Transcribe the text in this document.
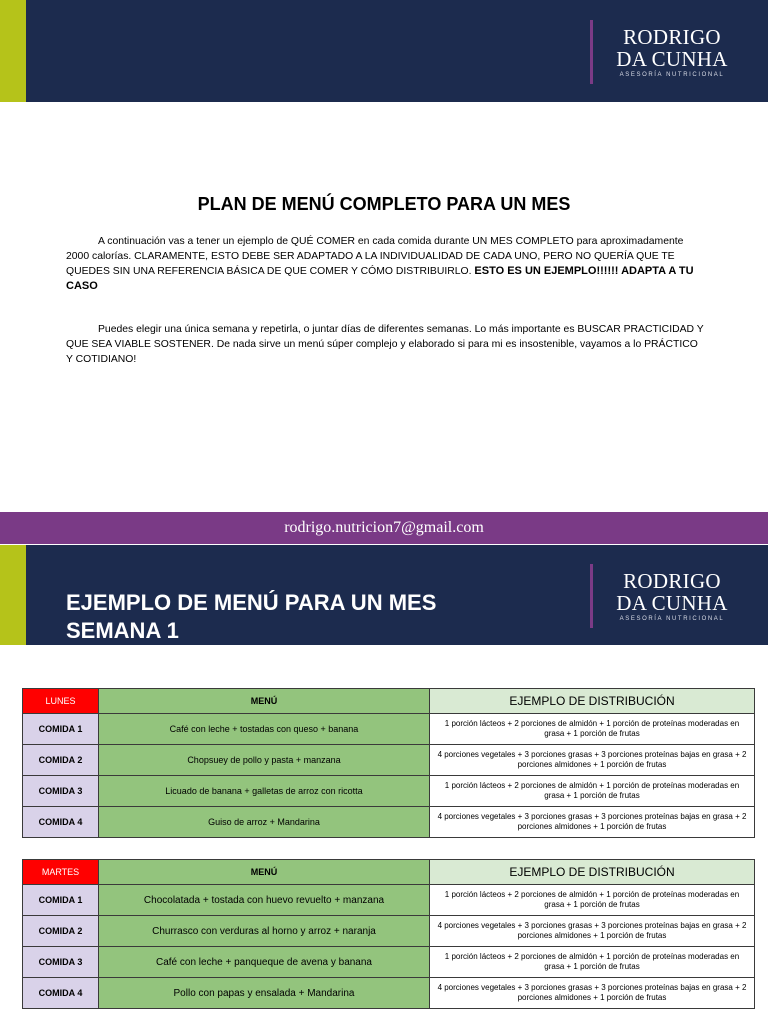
RODRIGO
DA CUNHA
ASESORÍA NUTRICIONAL
PLAN DE MENÚ COMPLETO PARA UN MES
A continuación vas a tener un ejemplo de QUÉ COMER en cada comida durante UN MES COMPLETO para aproximadamente 2000 calorías. CLARAMENTE, ESTO DEBE SER ADAPTADO A LA INDIVIDUALIDAD DE CADA UNO, PERO NO QUERÍA QUE TE QUEDES SIN UNA REFERENCIA BÁSICA DE QUE COMER Y CÓMO DISTRIBUIRLO. ESTO ES UN EJEMPLO!!!!!! ADAPTA A TU CASO
Puedes elegir una única semana y repetirla, o juntar días de diferentes semanas. Lo más importante es BUSCAR PRACTICIDAD Y QUE SEA VIABLE SOSTENER. De nada sirve un menú súper complejo y elaborado si para mi es insostenible, vayamos a lo PRÁCTICO Y COTIDIANO!
rodrigo.nutricion7@gmail.com
EJEMPLO DE MENÚ PARA UN MES
SEMANA 1
RODRIGO
DA CUNHA
ASESORÍA NUTRICIONAL
LUNES	MENÚ	EJEMPLO DE DISTRIBUCIÓN
COMIDA 1	Café con leche + tostadas con queso + banana	1 porción lácteos + 2 porciones de almidón + 1 porción de proteínas moderadas en grasa + 1 porción de frutas
COMIDA 2	Chopsuey de pollo y pasta + manzana	4 porciones vegetales + 3 porciones grasas + 3 porciones proteínas bajas en grasa + 2 porciones almidones + 1 porción de frutas
COMIDA 3	Licuado de banana + galletas de arroz con ricotta	1 porción lácteos + 2 porciones de almidón + 1 porción de proteínas moderadas en grasa + 1 porción de frutas
COMIDA 4	Guiso de arroz + Mandarina	4 porciones vegetales + 3 porciones grasas + 3 porciones proteínas bajas en grasa + 2 porciones almidones + 1 porción de frutas
MARTES	MENÚ	EJEMPLO DE DISTRIBUCIÓN
COMIDA 1	Chocolatada + tostada con huevo revuelto + manzana	1 porción lácteos + 2 porciones de almidón + 1 porción de proteínas moderadas en grasa + 1 porción de frutas
COMIDA 2	Churrasco con verduras al horno y arroz + naranja	4 porciones vegetales + 3 porciones grasas + 3 porciones proteínas bajas en grasa + 2 porciones almidones + 1 porción de frutas
COMIDA 3	Café con leche + panqueque de avena y banana	1 porción lácteos + 2 porciones de almidón + 1 porción de proteínas moderadas en grasa + 1 porción de frutas
COMIDA 4	Pollo con papas y ensalada + Mandarina	4 porciones vegetales + 3 porciones grasas + 3 porciones proteínas bajas en grasa + 2 porciones almidones + 1 porción de frutas
